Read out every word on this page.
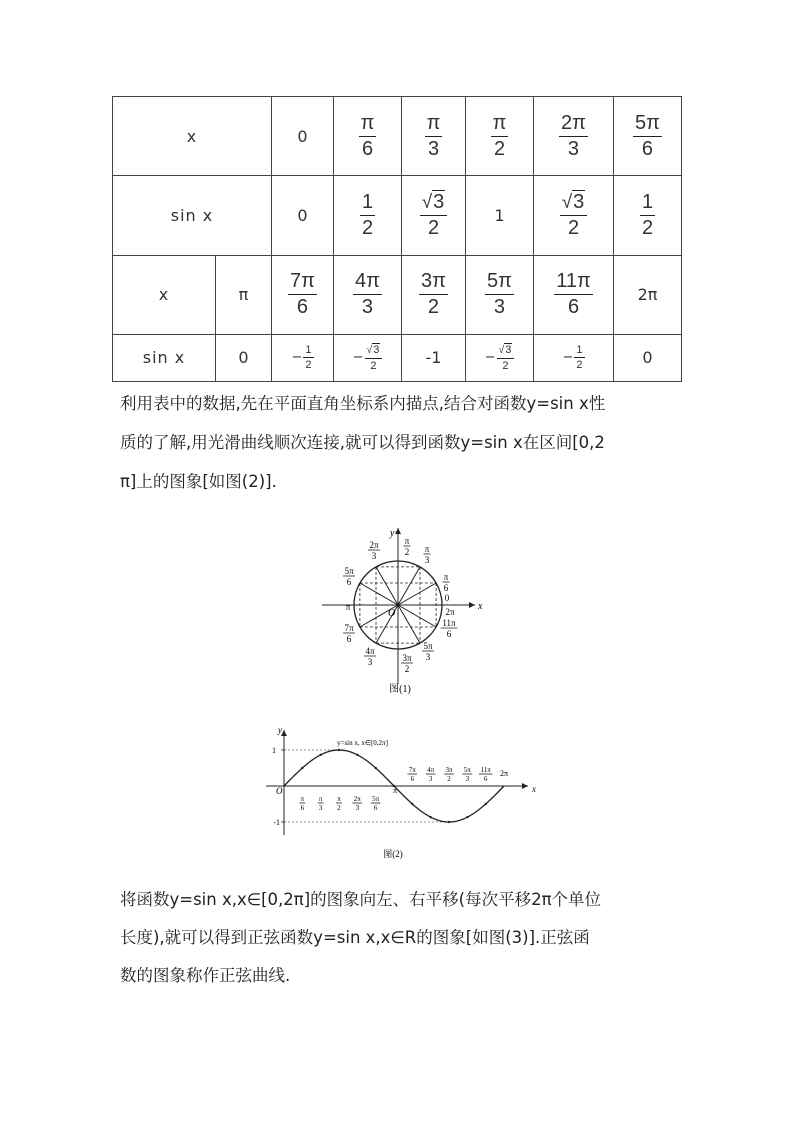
x		0	$\frac{\pi}{6}$	$\frac{\pi}{3}$	$\frac{\pi}{2}$	$\frac{2\pi}{3}$	$\frac{5\pi}{6}$

sin x		0	$\frac{1}{2}$	$\frac{√3}{2}$	1	$\frac{√3}{2}$	$\frac{1}{2}$

x	π	$\frac{7\pi}{6}$	$\frac{4\pi}{3}$	$\frac{3\pi}{2}$	$\frac{5\pi}{3}$	$\frac{11\pi}{6}$	2π
sin x	0	− $\frac{1}{2}$	− $\frac{√3}{2}$	-1	− $\frac{√3}{2}$	− $\frac{1}{2}$	0
利用表中的数据,先在平面直角坐标系内描点,结合对函数y=sin x性
质的了解,用光滑曲线顺次连接,就可以得到函数y=sin x在区间[0,2
π]上的图象[如图(2)].
π
2 π
3
2π
3
5π
6	π
6
7π
6
11π
6
4π
3	3π
2
5π
3
0
2π
π	x
y
O
图(1)
π
6
π
3
π
2
2π
3
5π
6
7π
6
4π
3
3π
2
5π
3
11π
6
π
2π
1
-1
y=sin x, x∈[0,2π]
x
y
O
图(2)
将函数y=sin x,x∈[0,2π]的图象向左、右平移(每次平移2π个单位
长度),就可以得到正弦函数y=sin x,x∈R的图象[如图(3)].正弦函
数的图象称作正弦曲线.
